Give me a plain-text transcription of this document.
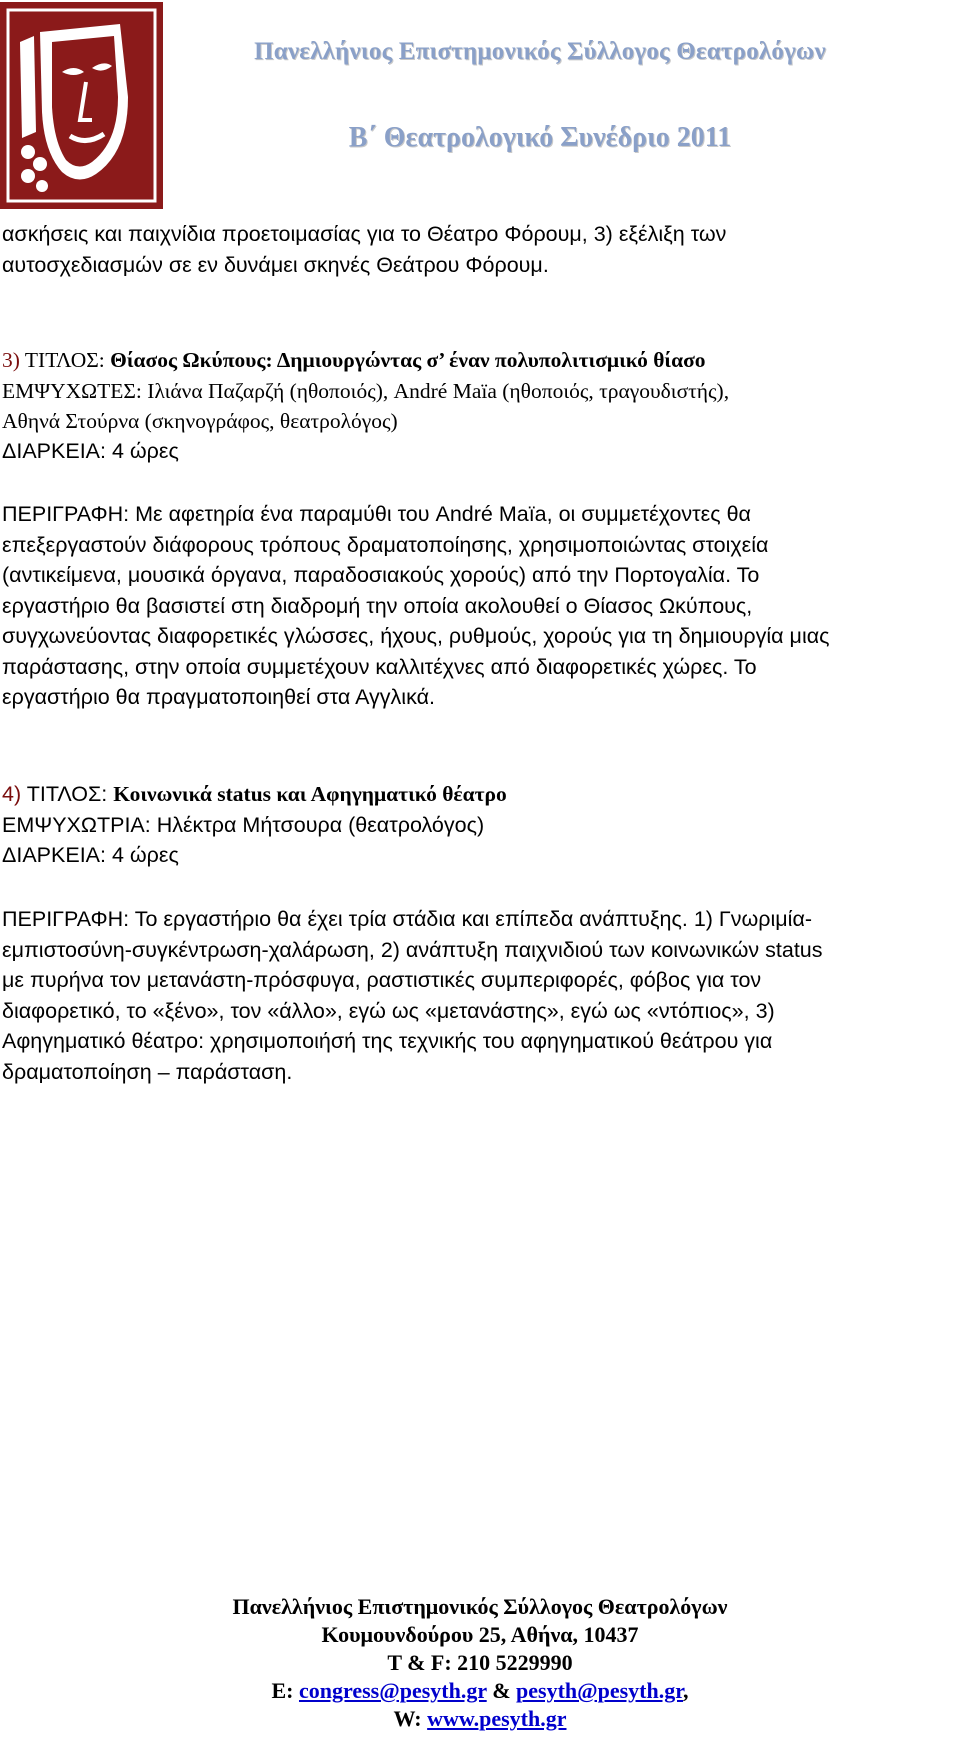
Πανελλήνιος Επιστημονικός Σύλλογος Θεατρολόγων
Β΄ Θεατρολογικό Συνέδριο 2011

ασκήσεις και παιχνίδια προετοιμασίας για το Θέατρο Φόρουμ, 3) εξέλιξη των

αυτοσχεδιασμών σε εν δυνάμει σκηνές Θεάτρου Φόρουμ.

3) ΤΙΤΛΟΣ: Θίασος Ωκύπους: Δημιουργώντας σ’ έναν πολυπολιτισμικό θίασο

ΕΜΨΥΧΩΤΕΣ: Ιλιάνα Παζαρζή (ηθοποιός), André Maïa (ηθοποιός, τραγουδιστής),

Αθηνά Στούρνα (σκηνογράφος, θεατρολόγος)

ΔΙΑΡΚΕΙΑ: 4 ώρες

ΠΕΡΙΓΡΑΦΗ: Με αφετηρία ένα παραμύθι του André Maïa, οι συμμετέχοντες θα

επεξεργαστούν διάφορους τρόπους δραματοποίησης, χρησιμοποιώντας στοιχεία

(αντικείμενα, μουσικά όργανα, παραδοσιακούς χορούς) από την Πορτογαλία. Το

εργαστήριο θα βασιστεί στη διαδρομή την οποία ακολουθεί ο Θίασος Ωκύπους,

συγχωνεύοντας διαφορετικές γλώσσες, ήχους, ρυθμούς, χορούς για τη δημιουργία μιας

παράστασης, στην οποία συμμετέχουν καλλιτέχνες από διαφορετικές χώρες. Το

εργαστήριο θα πραγματοποιηθεί στα Αγγλικά.

4) ΤΙΤΛΟΣ: Κοινωνικά status και Αφηγηματικό θέατρο

ΕΜΨΥΧΩΤΡΙΑ: Ηλέκτρα Μήτσουρα (θεατρολόγος)

ΔΙΑΡΚΕΙΑ: 4 ώρες

ΠΕΡΙΓΡΑΦΗ: Το εργαστήριο θα έχει τρία στάδια και επίπεδα ανάπτυξης. 1) Γνωριμία-

εμπιστοσύνη-συγκέντρωση-χαλάρωση, 2) ανάπτυξη παιχνιδιού των κοινωνικών status

με πυρήνα τον μετανάστη-πρόσφυγα, ραστιστικές συμπεριφορές, φόβος για τον

διαφορετικό, το «ξένο», τον «άλλο», εγώ ως «μετανάστης», εγώ ως «ντόπιος», 3)

Αφηγηματικό θέατρο: χρησιμοποιήσή της τεχνικής του αφηγηματικού θεάτρου για

δραματοποίηση – παράσταση.

Πανελλήνιος Επιστημονικός Σύλλογος Θεατρολόγων
Κουμουνδούρου 25, Αθήνα, 10437
T & F: 210 5229990
E: congress@pesyth.gr & pesyth@pesyth.gr,
W: www.pesyth.gr
